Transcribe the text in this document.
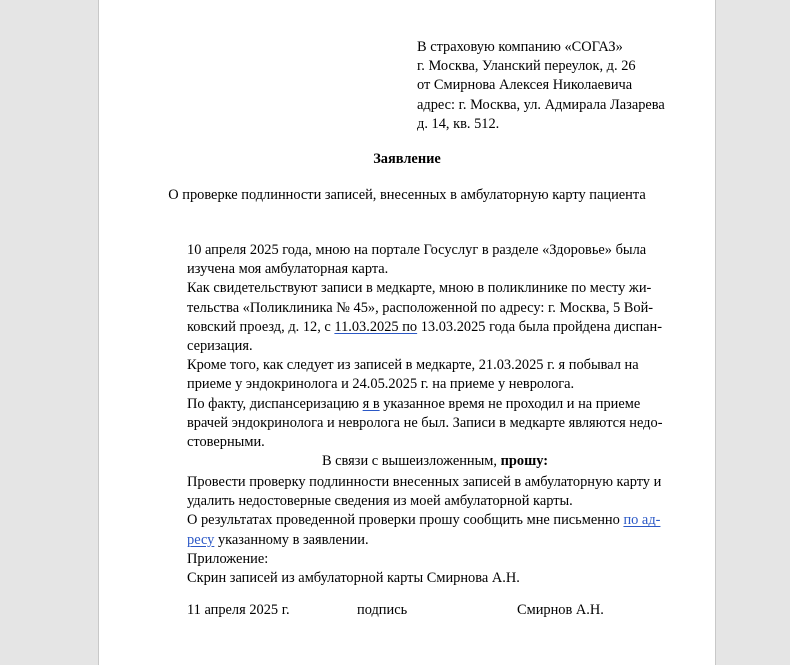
В страховую компанию «СОГАЗ»
г. Москва, Уланский переулок, д. 26
от Смирнова Алексея Николаевича
адрес: г. Москва, ул. Адмирала Лазарева
д. 14, кв. 512.
Заявление
О проверке подлинности записей, внесенных в амбулаторную карту пациента

10 апреля 2025 года, мною на портале Госуслуг в разделе «Здоровье» была

изучена моя амбулаторная карта.

Как свидетельствуют записи в медкарте, мною в поликлинике по месту жи-

тельства «Поликлиника № 45», расположенной по адресу: г. Москва, 5 Вой-

ковский проезд, д. 12, с 11.03.2025 по 13.03.2025 года была пройдена диспан-

серизация.

Кроме того, как следует из записей в медкарте, 21.03.2025 г. я побывал на

приеме у эндокринолога и 24.05.2025 г. на приеме у невролога.

По факту, диспансеризацию я в указанное время не проходил и на приеме

врачей эндокринолога и невролога не был. Записи в медкарте являются недо-

стоверными.

В связи с вышеизложенным, прошу:

Провести проверку подлинности внесенных записей в амбулаторную карту и

удалить недостоверные сведения из моей амбулаторной карты.

О результатах проведенной проверки прошу сообщить мне письменно по ад-

ресу указанному в заявлении.

Приложение:

Скрин записей из амбулаторной карты Смирнова А.Н.

11 апреля 2025 г.	подпись	Смирнов А.Н.
